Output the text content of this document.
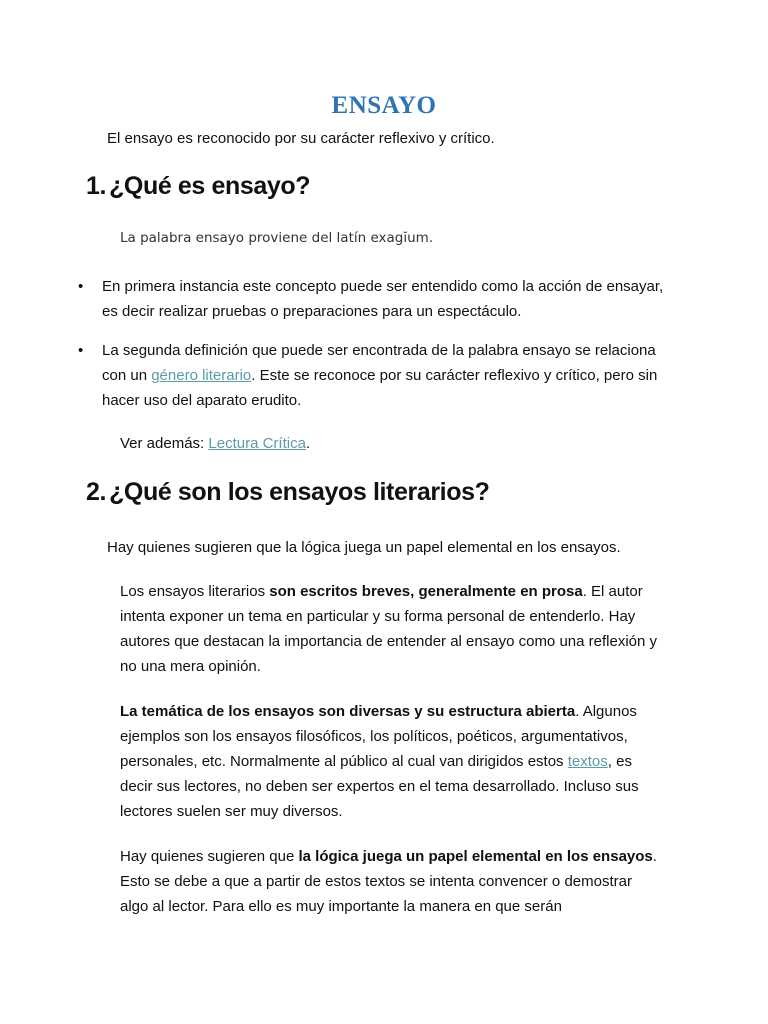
ENSAYO

El ensayo es reconocido por su carácter reflexivo y crítico.

1. ¿Qué es ensayo?
La palabra ensayo proviene del latín exagĭum.
• En primera instancia este concepto puede ser entendido como la acción de ensayar, es decir realizar pruebas o preparaciones para un espectáculo.
• La segunda definición que puede ser encontrada de la palabra ensayo se relaciona con un género literario. Este se reconoce por su carácter reflexivo y crítico, pero sin hacer uso del aparato erudito.

Ver además: Lectura Crítica.

2. ¿Qué son los ensayos literarios?

Hay quienes sugieren que la lógica juega un papel elemental en los ensayos.

Los ensayos literarios son escritos breves, generalmente en prosa. El autor intenta exponer un tema en particular y su forma personal de entenderlo. Hay autores que destacan la importancia de entender al ensayo como una reflexión y no una mera opinión.

La temática de los ensayos son diversas y su estructura abierta. Algunos ejemplos son los ensayos filosóficos, los políticos, poéticos, argumentativos, personales, etc. Normalmente al público al cual van dirigidos estos textos, es decir sus lectores, no deben ser expertos en el tema desarrollado. Incluso sus lectores suelen ser muy diversos.

Hay quienes sugieren que la lógica juega un papel elemental en los ensayos. Esto se debe a que a partir de estos textos se intenta convencer o demostrar algo al lector. Para ello es muy importante la manera en que serán
